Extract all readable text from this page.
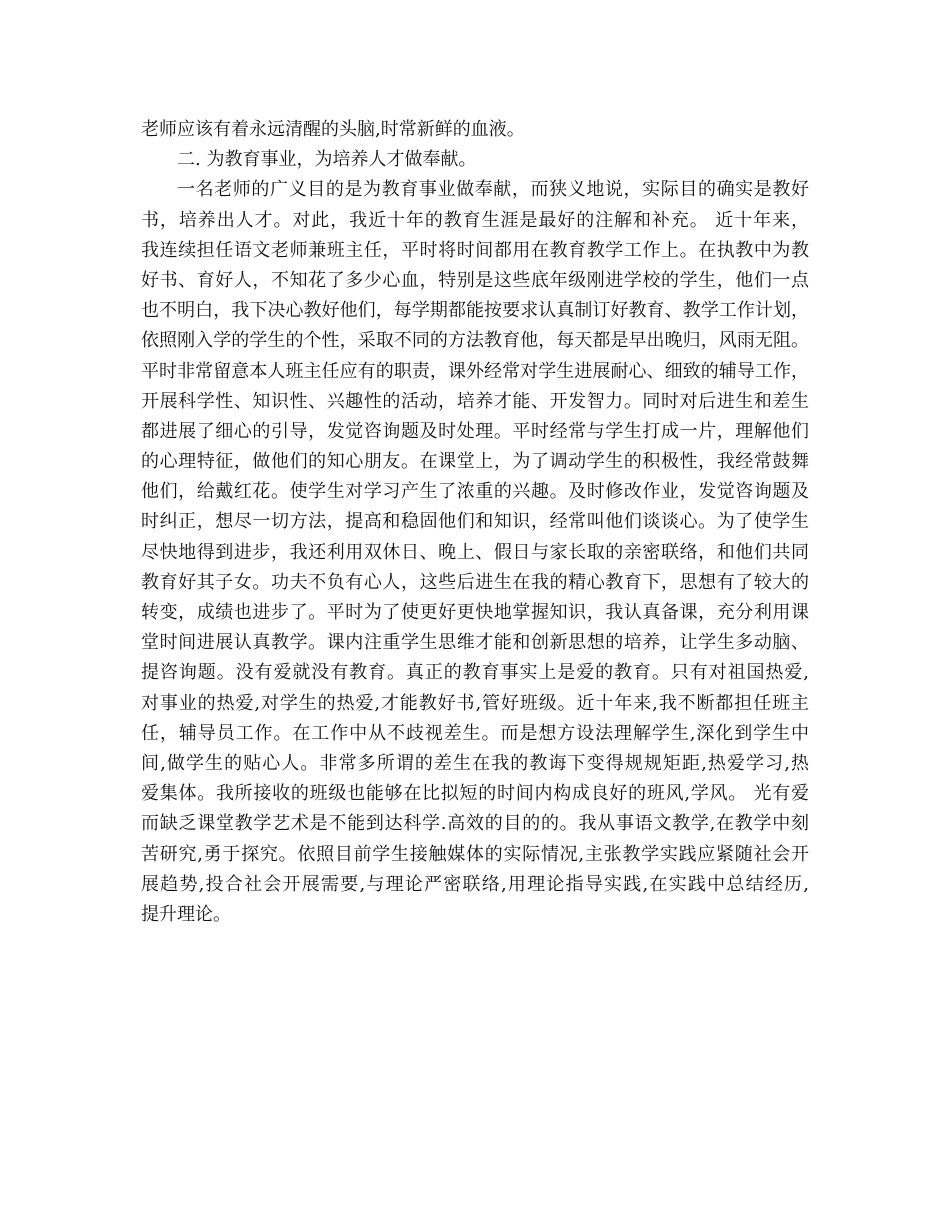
老师应该有着永远清醒的头脑,时常新鲜的血液。
二. 为教育事业，为培养人才做奉献。
一名老师的广义目的是为教育事业做奉献，而狭义地说，实际目的确实是教好
书，培养出人才。对此，我近十年的教育生涯是最好的注解和补充。 近十年来，
我连续担任语文老师兼班主任，平时将时间都用在教育教学工作上。在执教中为教
好书、育好人，不知花了多少心血，特别是这些底年级刚进学校的学生，他们一点
也不明白，我下决心教好他们，每学期都能按要求认真制订好教育、教学工作计划，
依照刚入学的学生的个性，采取不同的方法教育他，每天都是早出晚归，风雨无阻。
平时非常留意本人班主任应有的职责，课外经常对学生进展耐心、细致的辅导工作，
开展科学性、知识性、兴趣性的活动，培养才能、开发智力。同时对后进生和差生
都进展了细心的引导，发觉咨询题及时处理。平时经常与学生打成一片，理解他们
的心理特征，做他们的知心朋友。在课堂上，为了调动学生的积极性，我经常鼓舞
他们，给戴红花。使学生对学习产生了浓重的兴趣。及时修改作业，发觉咨询题及
时纠正，想尽一切方法，提高和稳固他们和知识，经常叫他们谈谈心。为了使学生
尽快地得到进步，我还利用双休日、晚上、假日与家长取的亲密联络，和他们共同
教育好其子女。功夫不负有心人，这些后进生在我的精心教育下，思想有了较大的
转变，成绩也进步了。平时为了使更好更快地掌握知识，我认真备课，充分利用课
堂时间进展认真教学。课内注重学生思维才能和创新思想的培养，让学生多动脑、
提咨询题。没有爱就没有教育。真正的教育事实上是爱的教育。只有对祖国热爱,
对事业的热爱,对学生的热爱,才能教好书,管好班级。近十年来,我不断都担任班主
任，辅导员工作。在工作中从不歧视差生。而是想方设法理解学生,深化到学生中
间,做学生的贴心人。非常多所谓的差生在我的教诲下变得规规矩距,热爱学习,热
爱集体。我所接收的班级也能够在比拟短的时间内构成良好的班风,学风。 光有爱
而缺乏课堂教学艺术是不能到达科学.高效的目的的。我从事语文教学,在教学中刻
苦研究,勇于探究。依照目前学生接触媒体的实际情况,主张教学实践应紧随社会开
展趋势,投合社会开展需要,与理论严密联络,用理论指导实践,在实践中总结经历,
提升理论。
